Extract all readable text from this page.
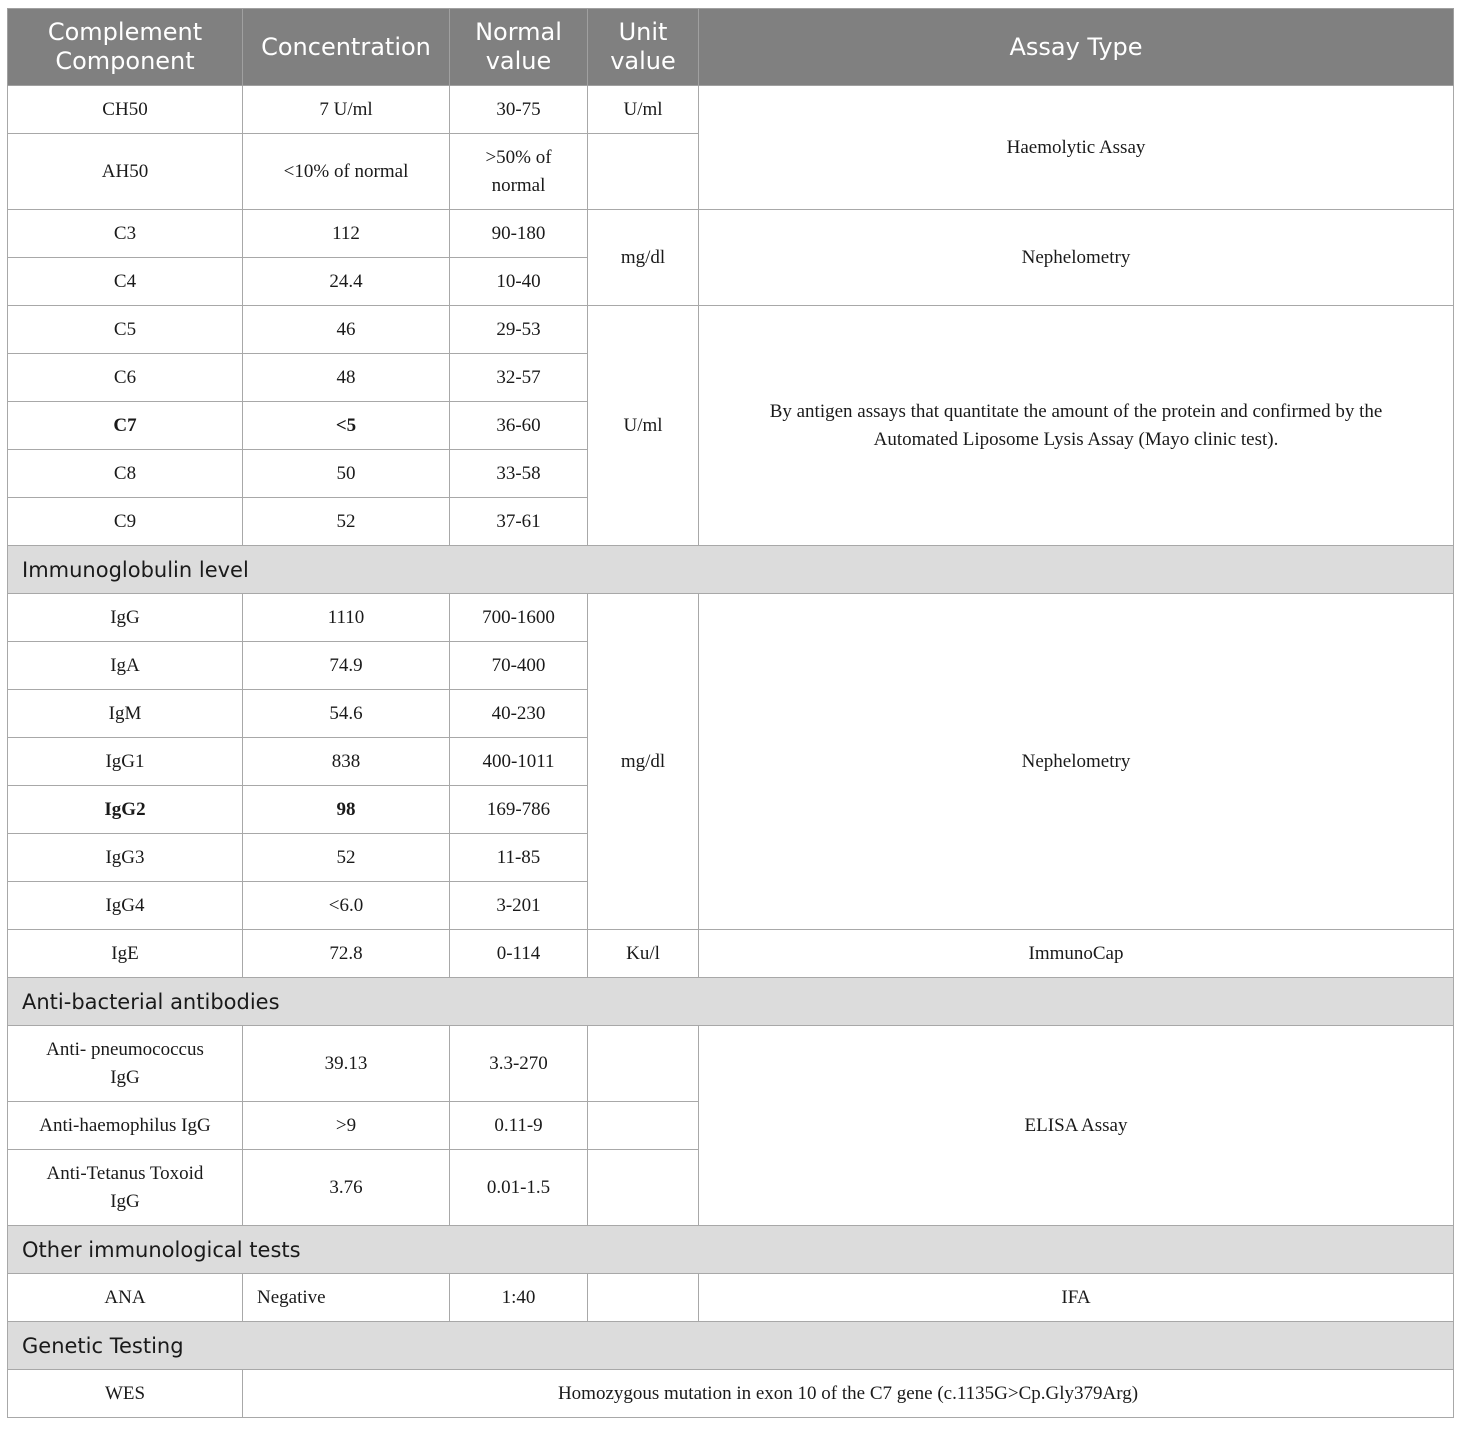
Complement Component	Concentration	Normal value	Unit value	Assay Type
CH50	7 U/ml	30-75	U/ml	Haemolytic Assay
AH50	<10% of normal	>50% of normal		
C3	112	90-180	mg/dl	Nephelometry
C4	24.4	10-40		
C5	46	29-53	U/ml	By antigen assays that quantitate the amount of the protein and confirmed by the Automated Liposome Lysis Assay (Mayo clinic test).
C6	48	32-57		
C7	<5	36-60		
C8	50	33-58		
C9	52	37-61		
Immunoglobulin level				
IgG	1110	700-1600	mg/dl	Nephelometry
IgA	74.9	70-400		
IgM	54.6	40-230		
IgG1	838	400-1011		
IgG2	98	169-786		
IgG3	52	11-85		
IgG4	<6.0	3-201		
IgE	72.8	0-114	Ku/l	ImmunoCap
Anti-bacterial antibodies				
Anti- pneumococcus IgG	39.13	3.3-270		ELISA Assay
Anti-haemophilus IgG	>9	0.11-9		
Anti-Tetanus Toxoid IgG	3.76	0.01-1.5		
Other immunological tests				
ANA	Negative	1:40		IFA
Genetic Testing				
WES	Homozygous mutation in exon 10 of the C7 gene (c.1135G>Cp.Gly379Arg)			
